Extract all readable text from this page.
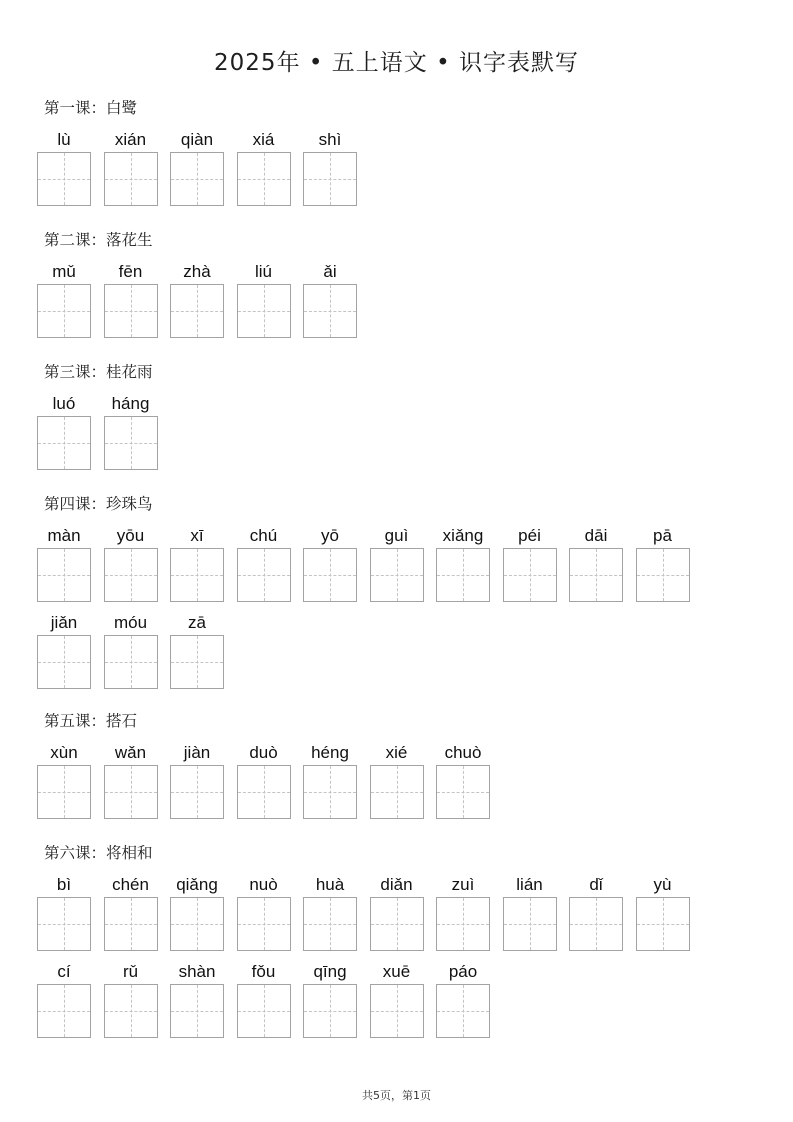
2025年 • 五上语文 • 识字表默写
第一课：白鹭
lù	xián	qiàn	xiá	shì
第二课：落花生
mǔ	fēn	zhà	liú	ǎi
第三课：桂花雨
luó	háng
第四课：珍珠鸟
màn	yōu	xī	chú	yō	guì	xiǎng	péi	dāi	pā
jiǎn	móu	zā
第五课：搭石
xùn	wǎn	jiàn	duò	héng	xié	chuò
第六课：将相和
bì	chén	qiǎng	nuò	huà	diǎn	zuì	lián	dǐ	yù
cí	rǔ	shàn	fǒu	qīng	xuē	páo
共5页，第1页
